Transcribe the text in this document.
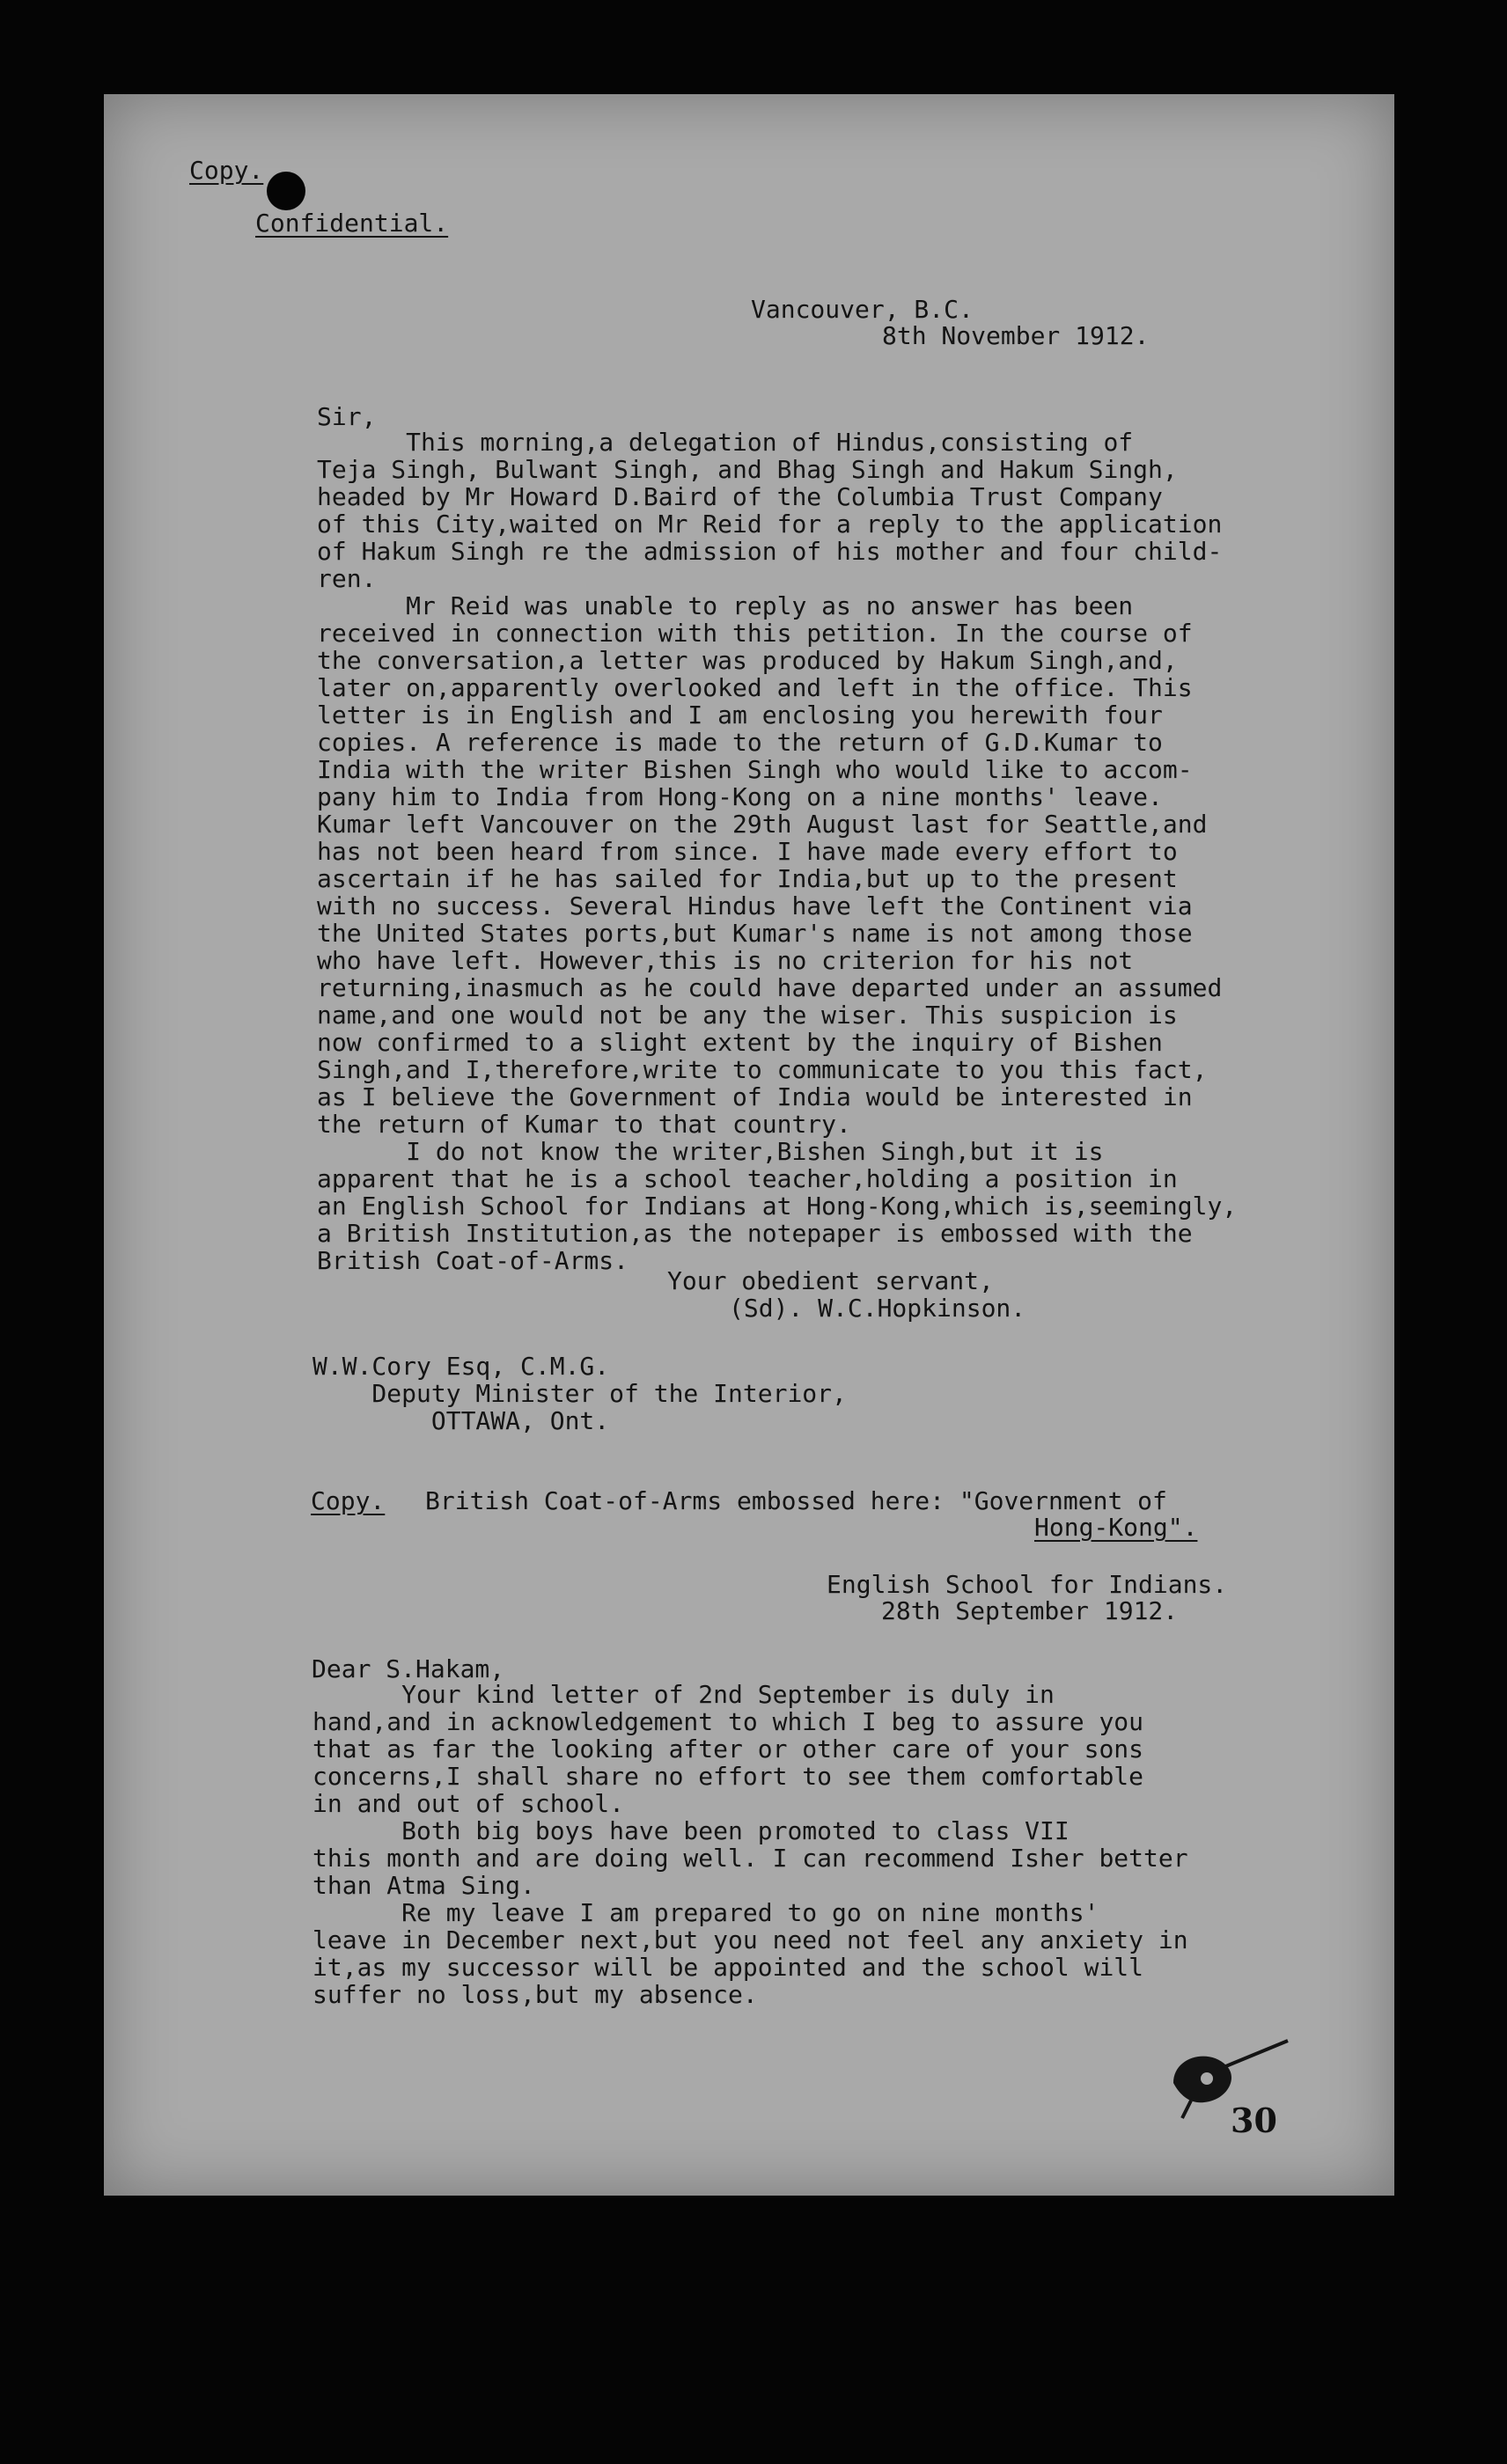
Copy.
Confidential.
Vancouver, B.C.
8th November 1912.
Sir,
This morning,a delegation of Hindus,consisting of
Teja Singh, Bulwant Singh, and Bhag Singh and Hakum Singh,
headed by Mr Howard D.Baird of the Columbia Trust Company
of this City,waited on Mr Reid for a reply to the application
of Hakum Singh re the admission of his mother and four child-
ren.
Mr Reid was unable to reply as no answer has been
received in connection with this petition. In the course of
the conversation,a letter was produced by Hakum Singh,and,
later on,apparently overlooked and left in the office. This
letter is in English and I am enclosing you herewith four
copies. A reference is made to the return of G.D.Kumar to
India with the writer Bishen Singh who would like to accom-
pany him to India from Hong-Kong on a nine months' leave.
Kumar left Vancouver on the 29th August last for Seattle,and
has not been heard from since. I have made every effort to
ascertain if he has sailed for India,but up to the present
with no success. Several Hindus have left the Continent via
the United States ports,but Kumar's name is not among those
who have left. However,this is no criterion for his not
returning,inasmuch as he could have departed under an assumed
name,and one would not be any the wiser. This suspicion is
now confirmed to a slight extent by the inquiry of Bishen
Singh,and I,therefore,write to communicate to you this fact,
as I believe the Government of India would be interested in
the return of Kumar to that country.
I do not know the writer,Bishen Singh,but it is
apparent that he is a school teacher,holding a position in
an English School for Indians at Hong-Kong,which is,seemingly,
a British Institution,as the notepaper is embossed with the
British Coat-of-Arms.
Your obedient servant,
(Sd). W.C.Hopkinson.
W.W.Cory Esq, C.M.G.
Deputy Minister of the Interior,
OTTAWA, Ont.
Copy. British Coat-of-Arms embossed here: "Government of
Hong-Kong".
English School for Indians.
28th September 1912.
Dear S.Hakam,
Your kind letter of 2nd September is duly in
hand,and in acknowledgement to which I beg to assure you
that as far the looking after or other care of your sons
concerns,I shall share no effort to see them comfortable
in and out of school.
Both big boys have been promoted to class VII
this month and are doing well. I can recommend Isher better
than Atma Sing.
Re my leave I am prepared to go on nine months'
leave in December next,but you need not feel any anxiety in
it,as my successor will be appointed and the school will
suffer no loss,but my absence.
30
